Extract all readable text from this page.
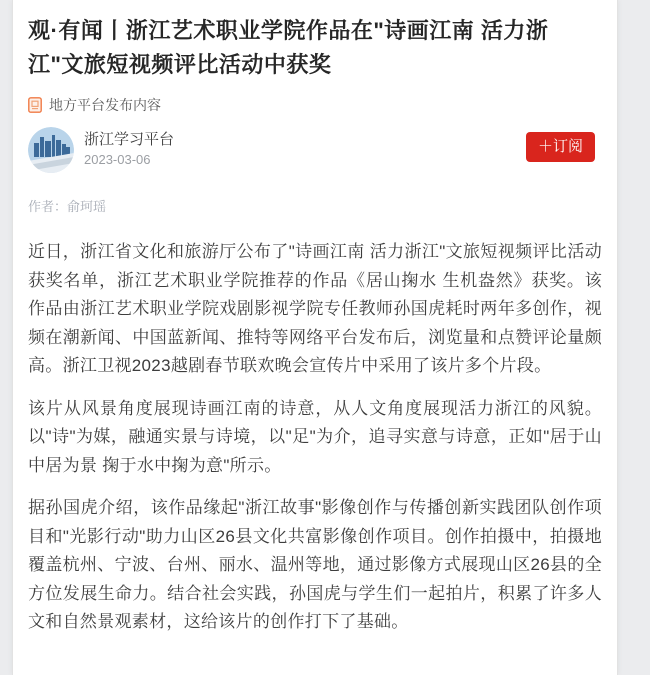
观·有闻丨浙江艺术职业学院作品在"诗画江南 活力浙江"文旅短视频评比活动中获奖
地方平台发布内容
浙江学习平台
2023-03-06
＋订阅
作者：俞珂瑶

近日，浙江省文化和旅游厅公布了"诗画江南 活力浙江"文旅短视频评比活动获奖名单，浙江艺术职业学院推荐的作品《居山掬水 生机盎然》获奖。该作品由浙江艺术职业学院戏剧影视学院专任教师孙国虎耗时两年多创作，视频在潮新闻、中国蓝新闻、推特等网络平台发布后，浏览量和点赞评论量颇高。浙江卫视2023越剧春节联欢晚会宣传片中采用了该片多个片段。

该片从风景角度展现诗画江南的诗意，从人文角度展现活力浙江的风貌。以"诗"为媒，融通实景与诗境，以"足"为介，追寻实意与诗意，正如"居于山中居为景 掬于水中掬为意"所示。

据孙国虎介绍，该作品缘起"浙江故事"影像创作与传播创新实践团队创作项目和"光影行动"助力山区26县文化共富影像创作项目。创作拍摄中，拍摄地覆盖杭州、宁波、台州、丽水、温州等地，通过影像方式展现山区26县的全方位发展生命力。结合社会实践，孙国虎与学生们一起拍片，积累了许多人文和自然景观素材，这给该片的创作打下了基础。
